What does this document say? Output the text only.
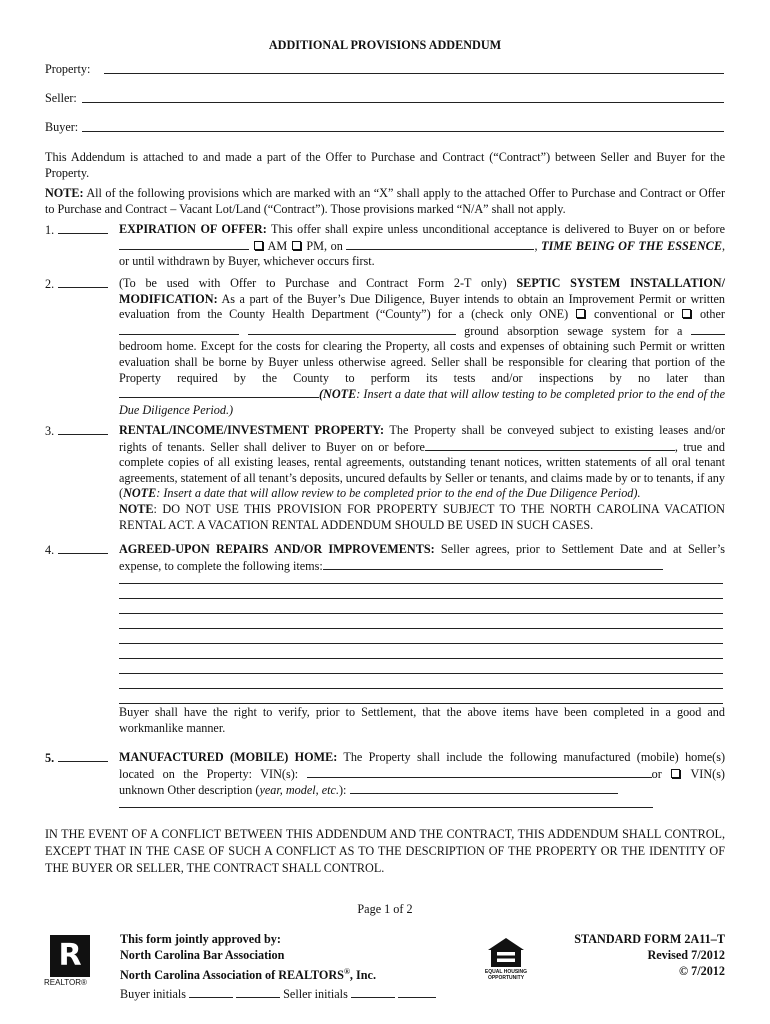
ADDITIONAL PROVISIONS ADDENDUM
Property:
Seller:
Buyer:
This Addendum is attached to and made a part of the Offer to Purchase and Contract (“Contract”) between Seller and Buyer for the Property.
NOTE: All of the following provisions which are marked with an “X” shall apply to the attached Offer to Purchase and Contract or Offer to Purchase and Contract – Vacant Lot/Land (“Contract”). Those provisions marked “N/A” shall not apply.
1.	EXPIRATION OF OFFER: This offer shall expire unless unconditional acceptance is delivered to Buyer on or before   AM  PM, on	, TIME BEING OF THE ESSENCE, or until withdrawn by Buyer, whichever occurs first.
2.	(To be used with Offer to Purchase and Contract Form 2-T only) SEPTIC SYSTEM INSTALLATION/ MODIFICATION: As a part of the Buyer’s Due Diligence, Buyer intends to obtain an Improvement Permit or written evaluation from the County Health Department (“County”) for a (check only ONE)  conventional or  other  ground absorption sewage system for a  bedroom home. Except for the costs for clearing the Property, all costs and expenses of obtaining such Permit or written evaluation shall be borne by Buyer unless otherwise agreed. Seller shall be responsible for clearing that portion of the Property required by the County to perform its tests and/or inspections by no later than (NOTE: Insert a date that will allow testing to be completed prior to the end of the Due Diligence Period.)
3.	RENTAL/INCOME/INVESTMENT PROPERTY: The Property shall be conveyed subject to existing leases and/or rights of tenants. Seller shall deliver to Buyer on or before	, true and complete copies of all existing leases, rental agreements, outstanding tenant notices, written statements of all oral tenant agreements, statement of all tenant’s deposits, uncured defaults by Seller or tenants, and claims made by or to tenants, if any (NOTE: Insert a date that will allow review to be completed prior to the end of the Due Diligence Period).
NOTE: DO NOT USE THIS PROVISION FOR PROPERTY SUBJECT TO THE NORTH CAROLINA VACATION RENTAL ACT. A VACATION RENTAL ADDENDUM SHOULD BE USED IN SUCH CASES.
4.	AGREED-UPON REPAIRS AND/OR IMPROVEMENTS: Seller agrees, prior to Settlement Date and at Seller’s expense, to complete the following items:
Buyer shall have the right to verify, prior to Settlement, that the above items have been completed in a good and workmanlike manner.
5.	MANUFACTURED (MOBILE) HOME: The Property shall include the following manufactured (mobile) home(s) located on the Property: VIN(s):	or  VIN(s) unknown Other description (year, model, etc.):
IN THE EVENT OF A CONFLICT BETWEEN THIS ADDENDUM AND THE CONTRACT, THIS ADDENDUM SHALL CONTROL, EXCEPT THAT IN THE CASE OF SUCH A CONFLICT AS TO THE DESCRIPTION OF THE PROPERTY OR THE IDENTITY OF THE BUYER OR SELLER, THE CONTRACT SHALL CONTROL.
Page 1 of 2
R
REALTOR®
This form jointly approved by:
North Carolina Bar Association
North Carolina Association of REALTORS®, Inc.
Buyer initials	Seller initials
EQUAL HOUSING
OPPORTUNITY
STANDARD FORM 2A11–T
Revised 7/2012
© 7/2012
